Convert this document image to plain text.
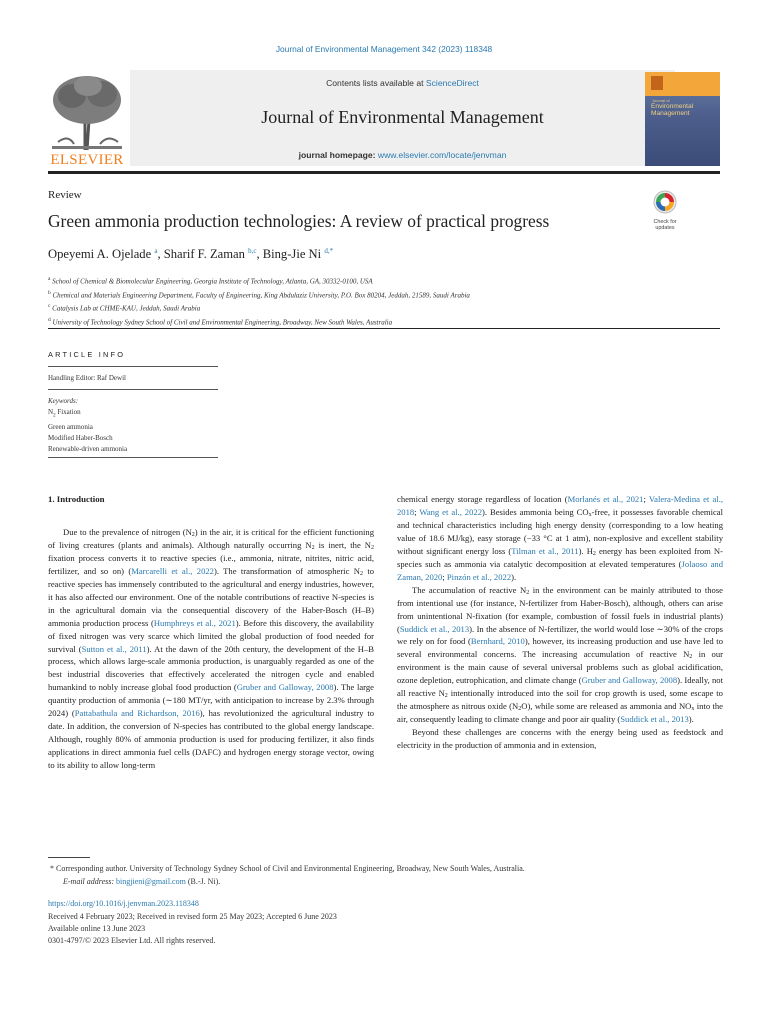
Journal of Environmental Management 342 (2023) 118348
ELSEVIER
Contents lists available at ScienceDirect
Journal of Environmental Management
journal homepage: www.elsevier.com/locate/jenvman
Journal of
Environmental Management
Review
Green ammonia production technologies: A review of practical progress	Check for updates
Opeyemi A. Ojelade $^a$, Sharif F. Zaman $^{b,c}$, Bing-Jie Ni $^{d,*}$
$^a$ School of Chemical & Biomolecular Engineering, Georgia Institute of Technology, Atlanta, GA, 30332-0100, USA
$^b$ Chemical and Materials Engineering Department, Faculty of Engineering, King Abdulaziz University, P.O. Box 80204, Jeddah, 21589, Saudi Arabia
$^c$ Catalysis Lab at CHME-KAU, Jeddah, Saudi Arabia
$^d$ University of Technology Sydney School of Civil and Environmental Engineering, Broadway, New South Wales, Australia
ARTICLE INFO
Handling Editor: Raf Dewil
Keywords:
$N_2$ Fixation
Green ammonia
Modified Haber-Bosch
Renewable-driven ammonia

1. Introduction

Due to the prevalence of nitrogen $(N_2)$ in the air, it is critical for the efficient functioning of living creatures (plants and animals). Although naturally occurring $N_2$ is inert, the $N_2$ fixation process converts it to reactive species (i.e., ammonia, nitrate, nitrites, nitric acid, fertilizer, and so on) (Marcarelli et al., 2022). The transformation of atmospheric $N_2$ to reactive species has immensely contributed to the agricultural and energy industries, however, it has also affected our environment. One of the notable contributions of reactive N-species is in the agricultural domain via the consequential discovery of the Haber-Bosch (H–B) ammonia production process (Humphreys et al., 2021). Before this discovery, the availability of fixed nitrogen was very scarce which limited the global production of food needed for survival (Sutton et al., 2011). At the dawn of the 20th century, the development of the H–B process, which allows large-scale ammonia production, is unarguably regarded as one of the best industrial discoveries that effectively accelerated the nitrogen cycle and enabled humankind to nobly increase global food production (Gruber and Galloway, 2008). The large quantity production of ammonia (∼180 MT/yr, with anticipation to increase by 2.3% through 2024) (Pattabathula and Richardson, 2016), has revolutionized the agricultural industry to date. In addition, the conversion of N-species has contributed to the global energy landscape. Although, roughly 80% of ammonia production is used for producing fertilizer, it also finds applications in direct ammonia fuel cells (DAFC) and hydrogen energy storage vector, owing to its ability to allow long-term

chemical energy storage regardless of location (Morlanés et al., 2021; Valera-Medina et al., 2018; Wang et al., 2022). Besides ammonia being $CO_x$-free, it possesses favorable chemical and technical characteristics including high energy density (corresponding to a low heating value of 18.6 MJ/kg), easy storage (−33 °C at 1 atm), non-explosive and excellent stability without significant energy loss (Tilman et al., 2011). $H_2$ energy has been exploited from N-species such as ammonia via catalytic decomposition at elevated temperatures (Jolaoso and Zaman, 2020; Pinzón et al., 2022).

The accumulation of reactive $N_2$ in the environment can be mainly attributed to those from intentional use (for instance, N-fertilizer from Haber-Bosch), although, others can arise from unintentional N-fixation (for example, combustion of fossil fuels in industrial plants) (Suddick et al., 2013). In the absence of N-fertilizer, the world would lose ∼30% of the crops we rely on for food (Bernhard, 2010), however, its increasing production and use have led to several environmental concerns. The increasing accumulation of reactive $N_2$ in our environment is the main cause of several universal problems such as global acidification, ozone depletion, eutrophication, and climate change (Gruber and Galloway, 2008). Ideally, not all reactive $N_2$ intentionally introduced into the soil for crop growth is used, some escape to the atmosphere as nitrous oxide $(N_2O)$, while some are released as ammonia and $NO_x$ into the air, consequently leading to climate change and poor air quality (Suddick et al., 2013).

Beyond these challenges are concerns with the energy being used as feedstock and electricity in the production of ammonia and in extension,

* Corresponding author. University of Technology Sydney School of Civil and Environmental Engineering, Broadway, New South Wales, Australia.
E-mail address: bingjieni@gmail.com (B.-J. Ni).
https://doi.org/10.1016/j.jenvman.2023.118348
Received 4 February 2023; Received in revised form 25 May 2023; Accepted 6 June 2023
Available online 13 June 2023
0301-4797/© 2023 Elsevier Ltd. All rights reserved.
